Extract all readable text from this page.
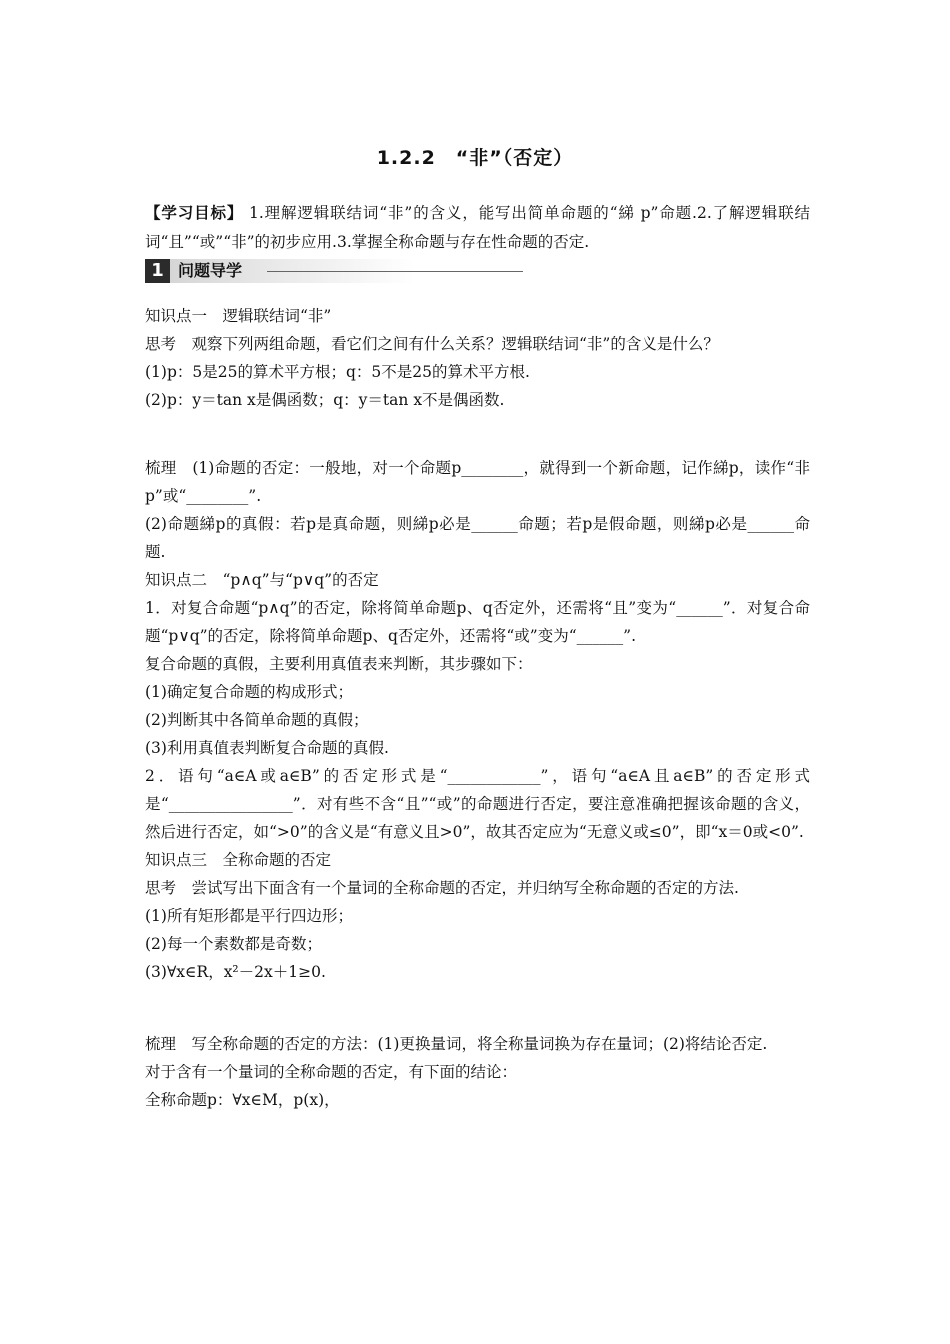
1.2.2　“非”（否定）
【学习目标】 1.理解逻辑联结词“非”的含义，能写出简单命题的“綈 p”命题.2.了解逻辑联结词“且”“或”“非”的初步应用.3.掌握全称命题与存在性命题的否定.
1 问题导学

知识点一　逻辑联结词“非”

思考　观察下列两组命题，看它们之间有什么关系？逻辑联结词“非”的含义是什么？

(1)p：5是25的算术平方根；q：5不是25的算术平方根.

(2)p：y＝tan x是偶函数；q：y＝tan x不是偶函数.

梳理　(1)命题的否定：一般地，对一个命题p________，就得到一个新命题，记作綈p，读作“非p”或“________”.

(2)命题綈p的真假：若p是真命题，则綈p必是______命题；若p是假命题，则綈p必是______命题.

知识点二　“p∧q”与“p∨q”的否定

1．对复合命题“p∧q”的否定，除将简单命题p、q否定外，还需将“且”变为“______”．对复合命题“p∨q”的否定，除将简单命题p、q否定外，还需将“或”变为“______”.

复合命题的真假，主要利用真值表来判断，其步骤如下：

(1)确定复合命题的构成形式；

(2)判断其中各简单命题的真假；

(3)利用真值表判断复合命题的真假.

2．语句“a∈A或a∈B”的否定形式是“____________”，语句“a∈A且a∈B”的否定形式是“________________”．对有些不含“且”“或”的命题进行否定，要注意准确把握该命题的含义，然后进行否定，如“>0”的含义是“有意义且>0”，故其否定应为“无意义或≤0”，即“x＝0或<0”.

知识点三　全称命题的否定

思考　尝试写出下面含有一个量词的全称命题的否定，并归纳写全称命题的否定的方法.

(1)所有矩形都是平行四边形；

(2)每一个素数都是奇数；

(3)∀x∈R，x²－2x＋1≥0.

梳理　写全称命题的否定的方法：(1)更换量词，将全称量词换为存在量词；(2)将结论否定.

对于含有一个量词的全称命题的否定，有下面的结论：

全称命题p：∀x∈M，p(x)，
